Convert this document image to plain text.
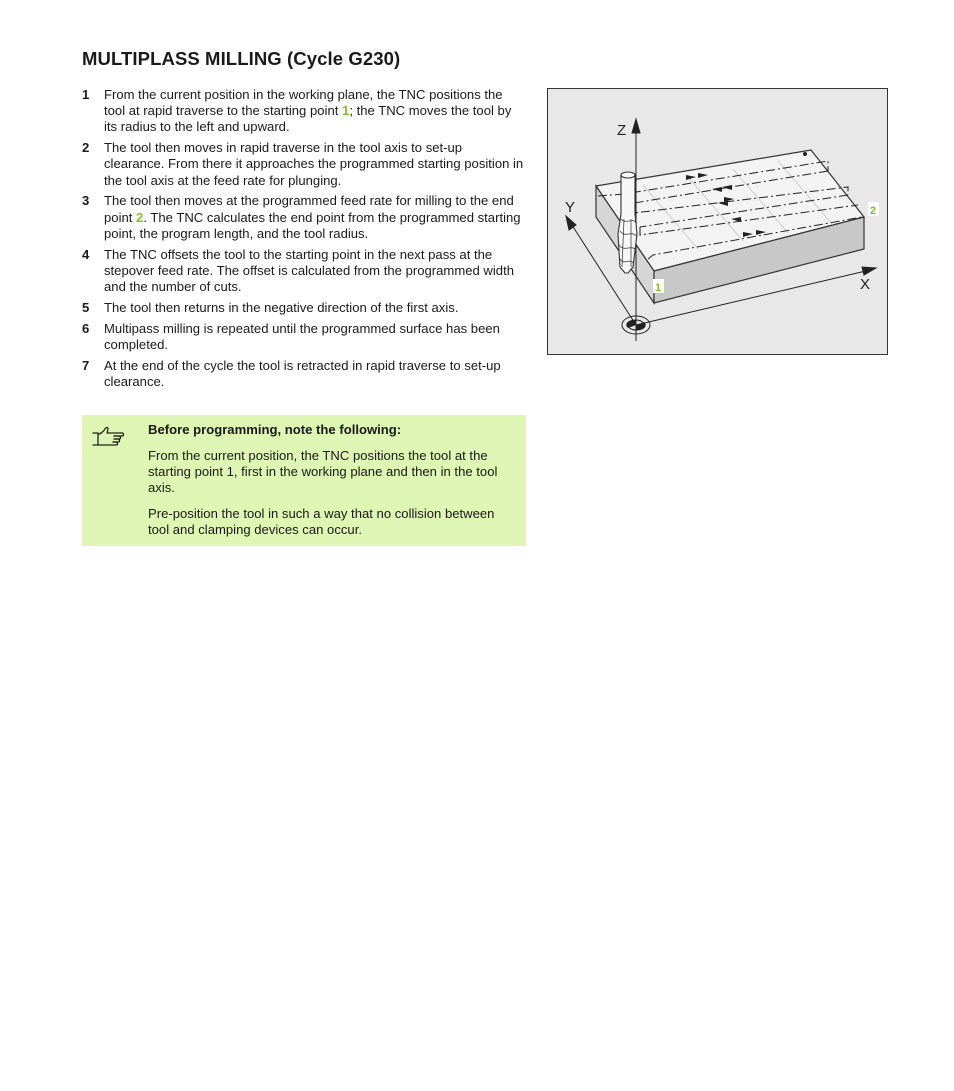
MULTIPLASS MILLING (Cycle G230)
1 From the current position in the working plane, the TNC positions the tool at rapid traverse to the starting point 1; the TNC moves the tool by its radius to the left and upward.
2 The tool then moves in rapid traverse in the tool axis to set-up clearance. From there it approaches the programmed starting position in the tool axis at the feed rate for plunging.
3 The tool then moves at the programmed feed rate for milling to the end point 2. The TNC calculates the end point from the programmed starting point, the program length, and the tool radius.
4 The TNC offsets the tool to the starting point in the next pass at the stepover feed rate. The offset is calculated from the programmed width and the number of cuts.
5 The tool then returns in the negative direction of the first axis.
6 Multipass milling is repeated until the programmed surface has been completed.
7 At the end of the cycle the tool is retracted in rapid traverse to set-up clearance.

Before programming, note the following:

From the current position, the TNC positions the tool at the starting point 1, first in the working plane and then in the tool axis.

Pre-position the tool in such a way that no collision between tool and clamping devices can occur.

Z
Y
X
1
2
